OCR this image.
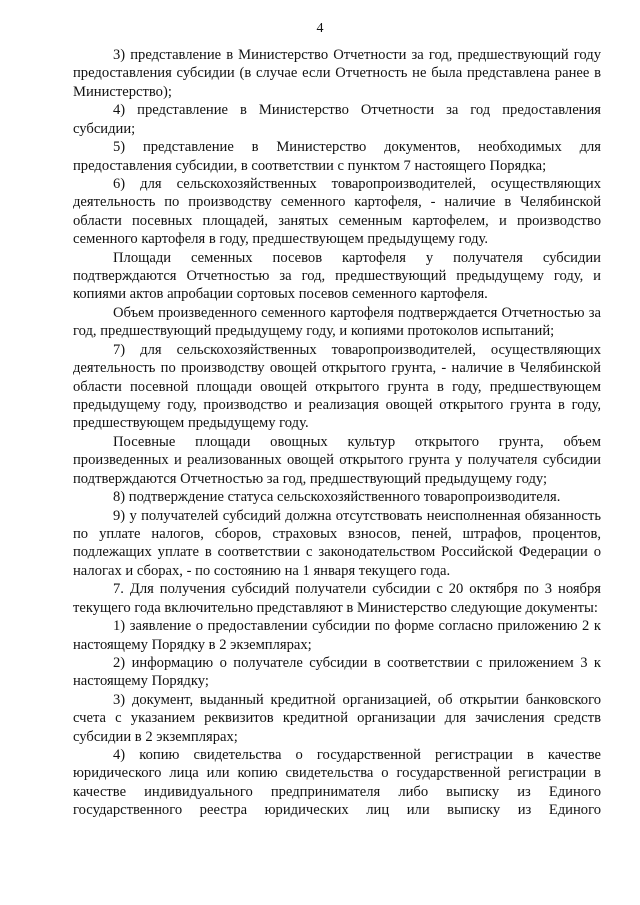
4

3) представление в Министерство Отчетности за год, предшествующий году предоставления субсидии (в случае если Отчетность не была представлена ранее в Министерство);

4) представление в Министерство Отчетности за год предоставления субсидии;

5) представление в Министерство документов, необходимых для предоставления субсидии, в соответствии с пунктом 7 настоящего Порядка;

6) для сельскохозяйственных товаропроизводителей, осуществляющих деятельность по производству семенного картофеля, - наличие в Челябинской области посевных площадей, занятых семенным картофелем, и производство семенного картофеля в году, предшествующем предыдущему году.

Площади семенных посевов картофеля у получателя субсидии подтверждаются Отчетностью за год, предшествующий предыдущему году, и копиями актов апробации сортовых посевов семенного картофеля.

Объем произведенного семенного картофеля подтверждается Отчетностью за год, предшествующий предыдущему году, и копиями протоколов испытаний;

7) для сельскохозяйственных товаропроизводителей, осуществляющих деятельность по производству овощей открытого грунта, - наличие в Челябинской области посевной площади овощей открытого грунта в году, предшествующем предыдущему году, производство и реализация овощей открытого грунта в году, предшествующем предыдущему году.

Посевные площади овощных культур открытого грунта, объем произведенных и реализованных овощей открытого грунта у получателя субсидии подтверждаются Отчетностью за год, предшествующий предыдущему году;

8) подтверждение статуса сельскохозяйственного товаропроизводителя.

9) у получателей субсидий должна отсутствовать неисполненная обязанность по уплате налогов, сборов, страховых взносов, пеней, штрафов, процентов, подлежащих уплате в соответствии с законодательством Российской Федерации о налогах и сборах, - по состоянию на 1 января текущего года.

7. Для получения субсидий получатели субсидии с 20 октября по 3 ноября текущего года включительно представляют в Министерство следующие документы:

1) заявление о предоставлении субсидии по форме согласно приложению 2 к настоящему Порядку в 2 экземплярах;

2) информацию о получателе субсидии в соответствии с приложением 3 к настоящему Порядку;

3) документ, выданный кредитной организацией, об открытии банковского счета с указанием реквизитов кредитной организации для зачисления средств субсидии в 2 экземплярах;

4) копию свидетельства о государственной регистрации в качестве юридического лица или копию свидетельства о государственной регистрации в качестве индивидуального предпринимателя либо выписку из Единого государственного реестра юридических лиц или выписку из Единого
